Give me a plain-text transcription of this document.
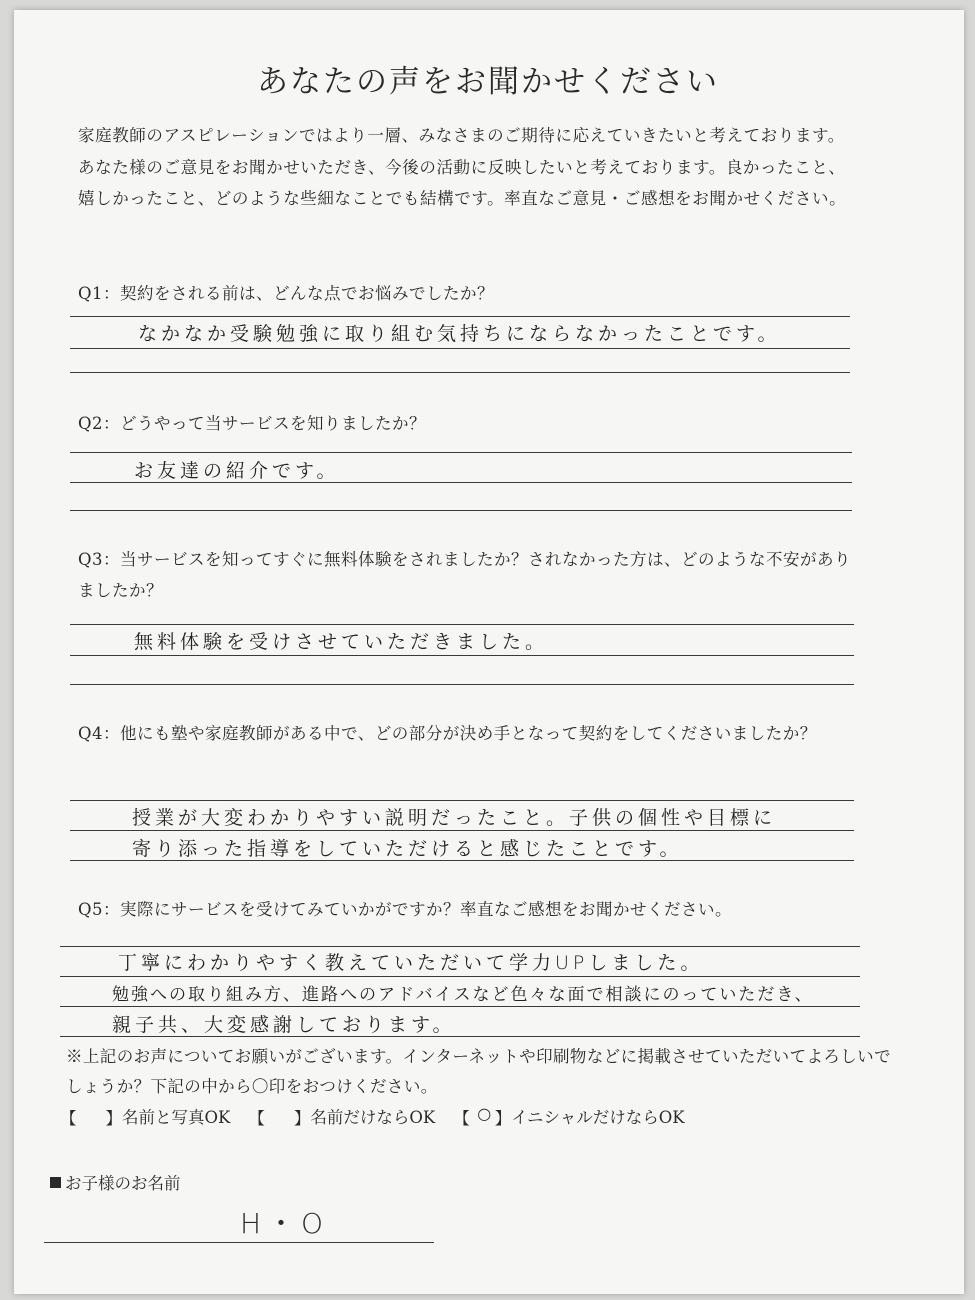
あなたの声をお聞かせください

家庭教師のアスピレーションではより一層、みなさまのご期待に応えていきたいと考えております。あなた様のご意見をお聞かせいただき、今後の活動に反映したいと考えております。良かったこと、嬉しかったこと、どのような些細なことでも結構です。率直なご意見・ご感想をお聞かせください。

Q1：契約をされる前は、どんな点でお悩みでしたか？

なかなか受験勉強に取り組む気持ちにならなかったことです。

Q2：どうやって当サービスを知りましたか？

お友達の紹介です。

Q3：当サービスを知ってすぐに無料体験をされましたか？されなかった方は、どのような不安がありましたか？

無料体験を受けさせていただきました。

Q4：他にも塾や家庭教師がある中で、どの部分が決め手となって契約をしてくださいましたか？

授業が大変わかりやすい説明だったこと。子供の個性や目標に

寄り添った指導をしていただけると感じたことです。

Q5：実際にサービスを受けてみていかがですか？率直なご感想をお聞かせください。

丁寧にわかりやすく教えていただいて学力UPしました。

勉強への取り組み方、進路へのアドバイスなど色々な面で相談にのっていただき、

親子共、大変感謝しております。

※上記のお声についてお願いがございます。インターネットや印刷物などに掲載させていただいてよろしいでしょうか？下記の中から〇印をおつけください。

名前と写真OK	名前だけならOK	○ イニシャルだけならOK
お子様のお名前
H・O
